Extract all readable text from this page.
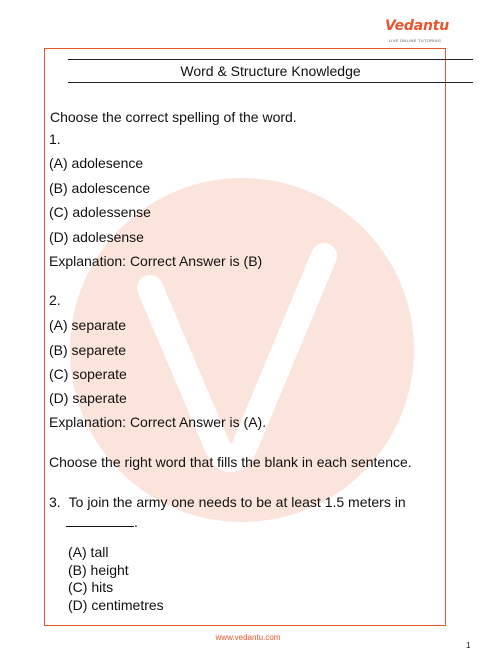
Vedantu
LIVE ONLINE TUTORING
Word & Structure Knowledge
Choose the correct spelling of the word.
1.
(A) adolesence
(B) adolescence
(C) adolessense
(D) adolesense
Explanation: Correct Answer is (B)
2.
(A) separate
(B) separete
(C) soperate
(D) saperate
Explanation: Correct Answer is (A).
Choose the right word that fills the blank in each sentence.
3. To join the army one needs to be at least 1.5 meters in
.
(A) tall
(B) height
(C) hits
(D) centimetres
www.vedantu.com
1
